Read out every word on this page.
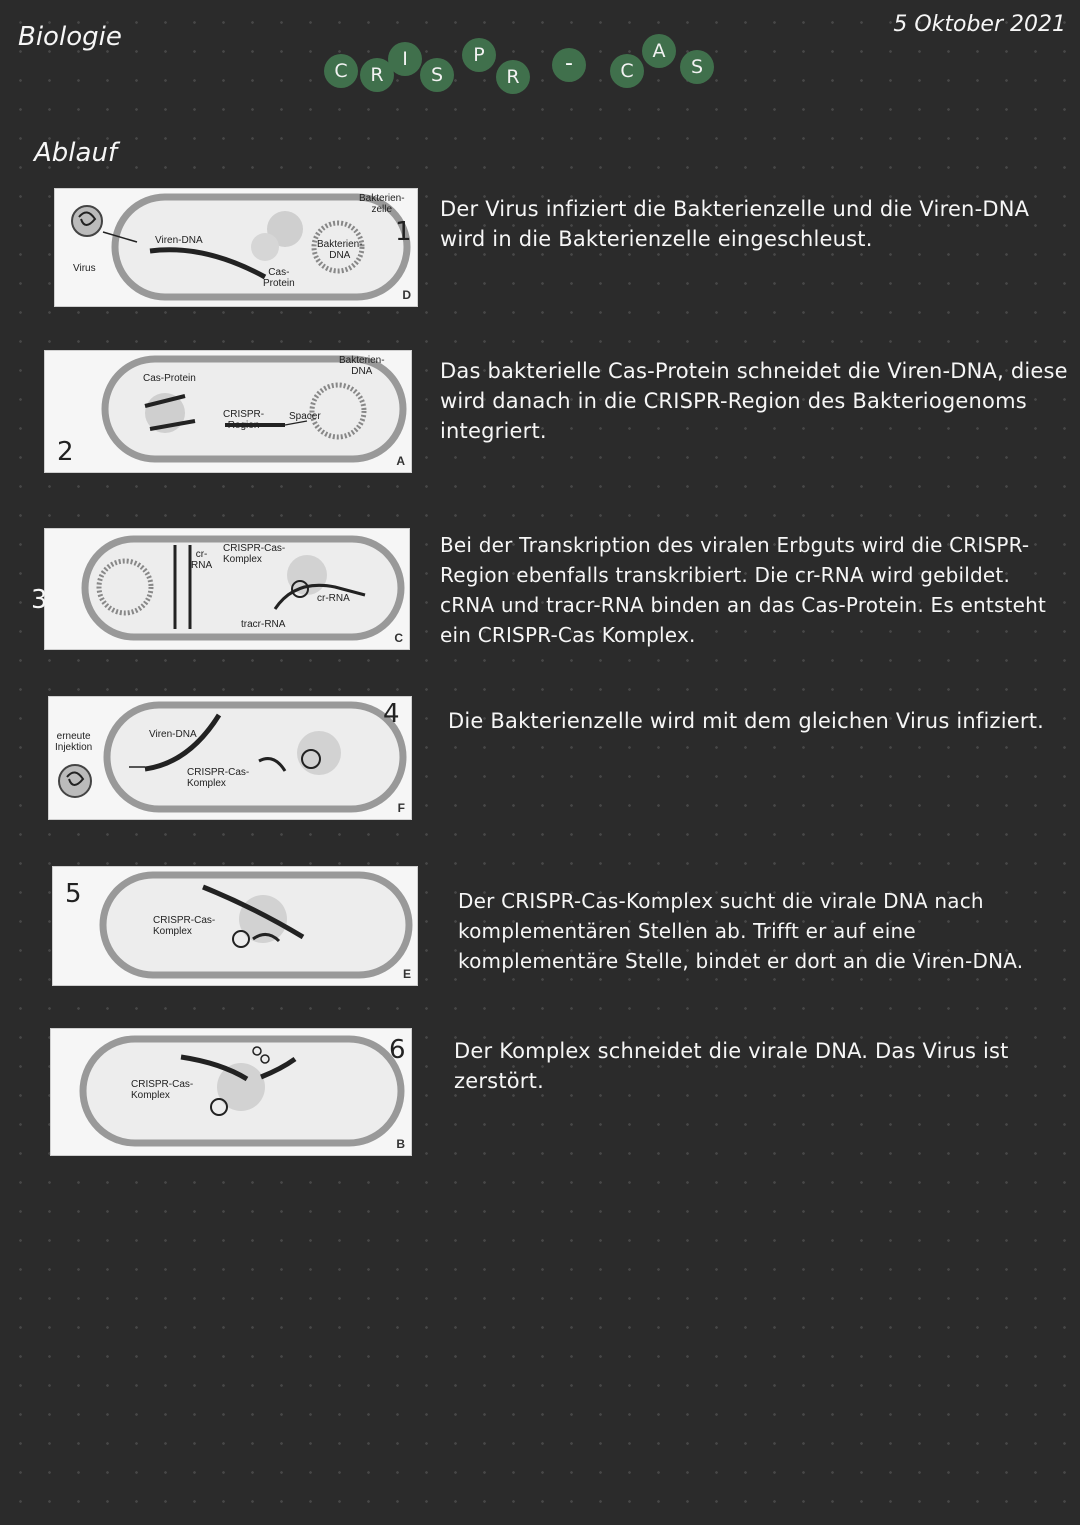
Biologie	5 Oktober 2021
C	R
I
S
P
R
-	C
A
S
Ablauf
Virus
Viren-DNA
Bakterien-
zelle
Bakterien-
DNA
Cas-
Protein
1
D
Der Virus infiziert die Bakterienzelle und die Viren-DNA wird in die Bakterienzelle eingeschleust.
Cas-Protein
Bakterien-
DNA
CRISPR-
Region
Spacer
2	A
Das bakterielle Cas-Protein schneidet die Viren-DNA, diese wird danach in die CRISPR-Region des Bakteriogenoms integriert.
cr-
RNA
CRISPR-Cas-
Komplex
cr-RNA
tracr-RNA
3
C
Bei der Transkription des viralen Erbguts wird die CRISPR-Region ebenfalls transkribiert. Die cr-RNA wird gebildet. cRNA und tracr-RNA binden an das Cas-Protein. Es entsteht ein CRISPR-Cas Komplex.
erneute
Injektion
Viren-DNA
CRISPR-Cas-
Komplex
4
F
Die Bakterienzelle wird mit dem gleichen Virus infiziert.
CRISPR-Cas-
Komplex
5
E
Der CRISPR-Cas-Komplex sucht die virale DNA nach komplementären Stellen ab. Trifft er auf eine komplementäre Stelle, bindet er dort an die Viren-DNA.
CRISPR-Cas-
Komplex
6
B
Der Komplex schneidet die virale DNA. Das Virus ist zerstört.
